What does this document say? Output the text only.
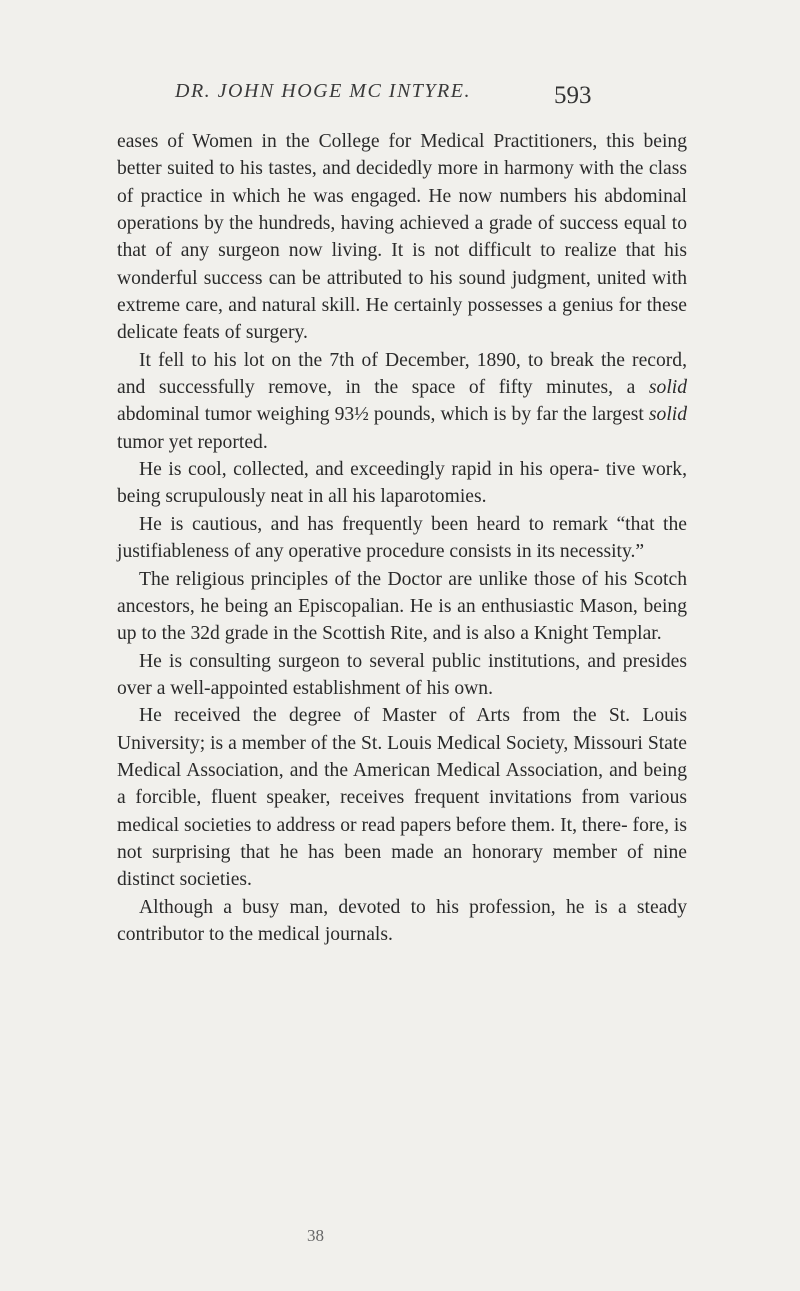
DR. JOHN HOGE MC INTYRE.	593

eases of Women in the College for Medical Practitioners, this being better suited to his tastes, and decidedly more in harmony with the class of practice in which he was engaged. He now numbers his abdominal operations by the hundreds, having achieved a grade of success equal to that of any surgeon now living. It is not difficult to realize that his wonderful success can be attributed to his sound judgment, united with extreme care, and natural skill. He certainly possesses a genius for these delicate feats of surgery.

It fell to his lot on the 7th of December, 1890, to break the record, and successfully remove, in the space of fifty minutes, a solid abdominal tumor weighing 93½ pounds, which is by far the largest solid tumor yet reported.

He is cool, collected, and exceedingly rapid in his opera- tive work, being scrupulously neat in all his laparotomies.

He is cautious, and has frequently been heard to remark “that the justifiableness of any operative procedure consists in its necessity.”

The religious principles of the Doctor are unlike those of his Scotch ancestors, he being an Episcopalian. He is an enthusiastic Mason, being up to the 32d grade in the Scottish Rite, and is also a Knight Templar.

He is consulting surgeon to several public institutions, and presides over a well-appointed establishment of his own.

He received the degree of Master of Arts from the St. Louis University; is a member of the St. Louis Medical Society, Missouri State Medical Association, and the American Medical Association, and being a forcible, fluent speaker, receives frequent invitations from various medical societies to address or read papers before them. It, there- fore, is not surprising that he has been made an honorary member of nine distinct societies.

Although a busy man, devoted to his profession, he is a steady contributor to the medical journals.

38
